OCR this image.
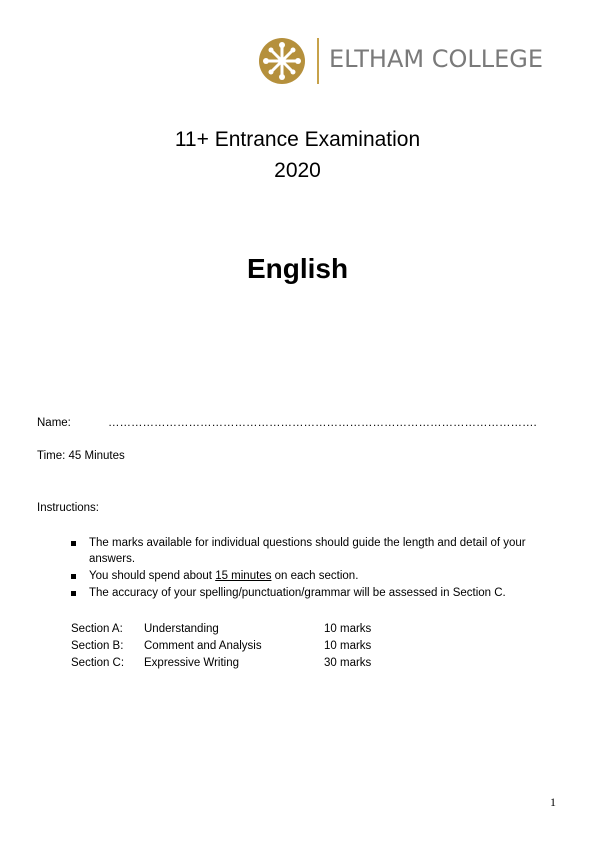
ELTHAM COLLEGE
11+ Entrance Examination
2020
English
Name:	………………………………………………………………………………………………….
Time: 45 Minutes
Instructions:
The marks available for individual questions should guide the length and detail of your answers.
You should spend about 15 minutes on each section.
The accuracy of your spelling/punctuation/grammar will be assessed in Section C.
Section A: Understanding	10 marks
Section B: Comment and Analysis	10 marks
Section C: Expressive Writing	30 marks
1
